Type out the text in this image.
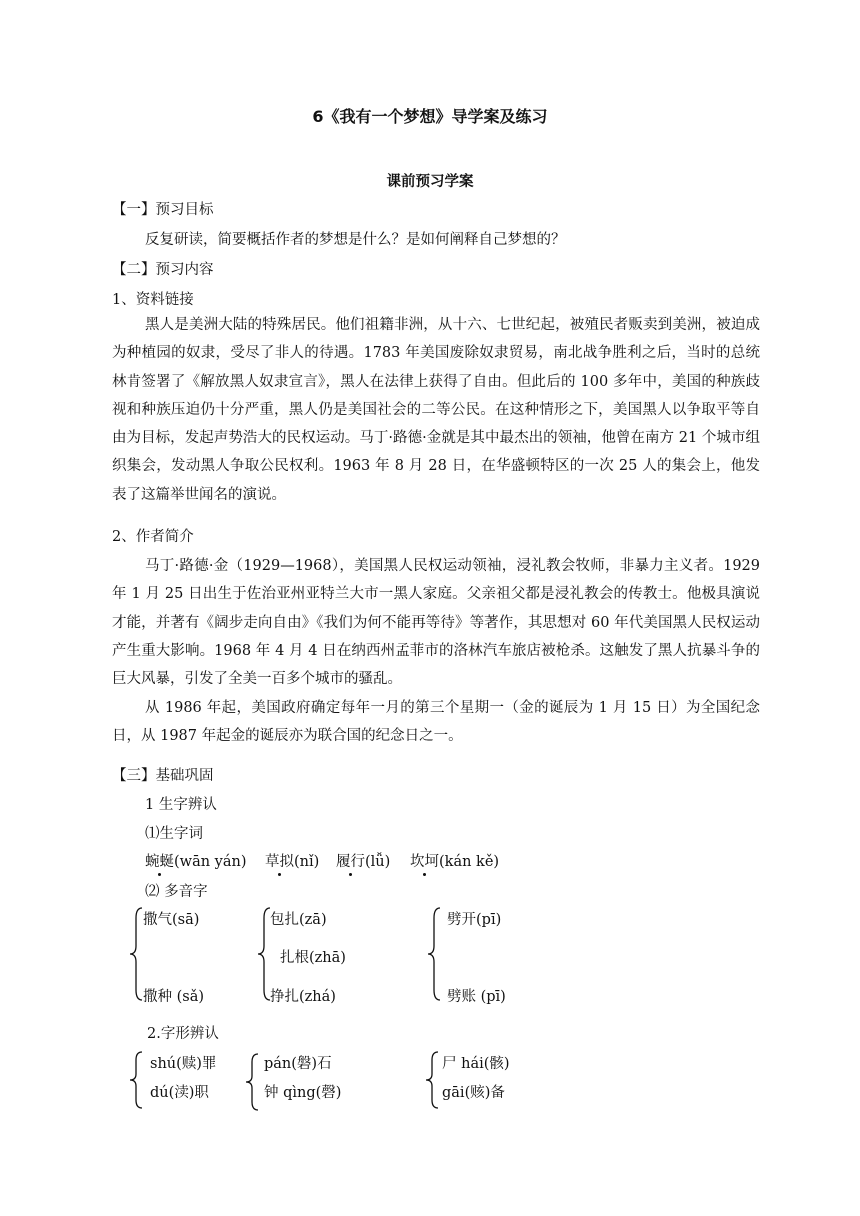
6《我有一个梦想》导学案及练习
课前预习学案
【一】预习目标
反复研读，简要概括作者的梦想是什么？是如何阐释自己梦想的？
【二】预习内容
1、资料链接
黑人是美洲大陆的特殊居民。他们祖籍非洲，从十六、七世纪起，被殖民者贩卖到美洲，被迫成为种植园的奴隶，受尽了非人的待遇。1783 年美国废除奴隶贸易，南北战争胜利之后，当时的总统林肯签署了《解放黑人奴隶宣言》，黑人在法律上获得了自由。但此后的 100 多年中，美国的种族歧视和种族压迫仍十分严重，黑人仍是美国社会的二等公民。在这种情形之下，美国黑人以争取平等自由为目标，发起声势浩大的民权运动。马丁·路德·金就是其中最杰出的领袖，他曾在南方 21 个城市组织集会，发动黑人争取公民权利。1963 年 8 月 28 日，在华盛顿特区的一次 25 人的集会上，他发表了这篇举世闻名的演说。
2、作者简介
马丁·路德·金（1929—1968），美国黑人民权运动领袖，浸礼教会牧师，非暴力主义者。1929 年 1 月 25 日出生于佐治亚州亚特兰大市一黑人家庭。父亲祖父都是浸礼教会的传教士。他极具演说才能，并著有《阔步走向自由》《我们为何不能再等待》等著作，其思想对 60 年代美国黑人民权运动产生重大影响。1968 年 4 月 4 日在纳西州孟菲市的洛林汽车旅店被枪杀。这触发了黑人抗暴斗争的巨大风暴，引发了全美一百多个城市的骚乱。
从 1986 年起，美国政府确定每年一月的第三个星期一（金的诞辰为 1 月 15 日）为全国纪念日，从 1987 年起金的诞辰亦为联合国的纪念日之一。
【三】基础巩固
1 生字辨认
⑴生字词
蜿蜒(wān yán) 草拟(nǐ) 履行(lǚ) 坎坷(kán kě)
⑵ 多音字
撒气(sā)
撒种 (sǎ)
包扎(zā)
扎根(zhā)
挣扎(zhá)
劈开(pī)
劈账 (pī)
2.字形辨认
shú(赎)罪
dú(渎)职
pán(磐)石
钟 qìng(磬)
尸 hái(骸)
gāi(赅)备
